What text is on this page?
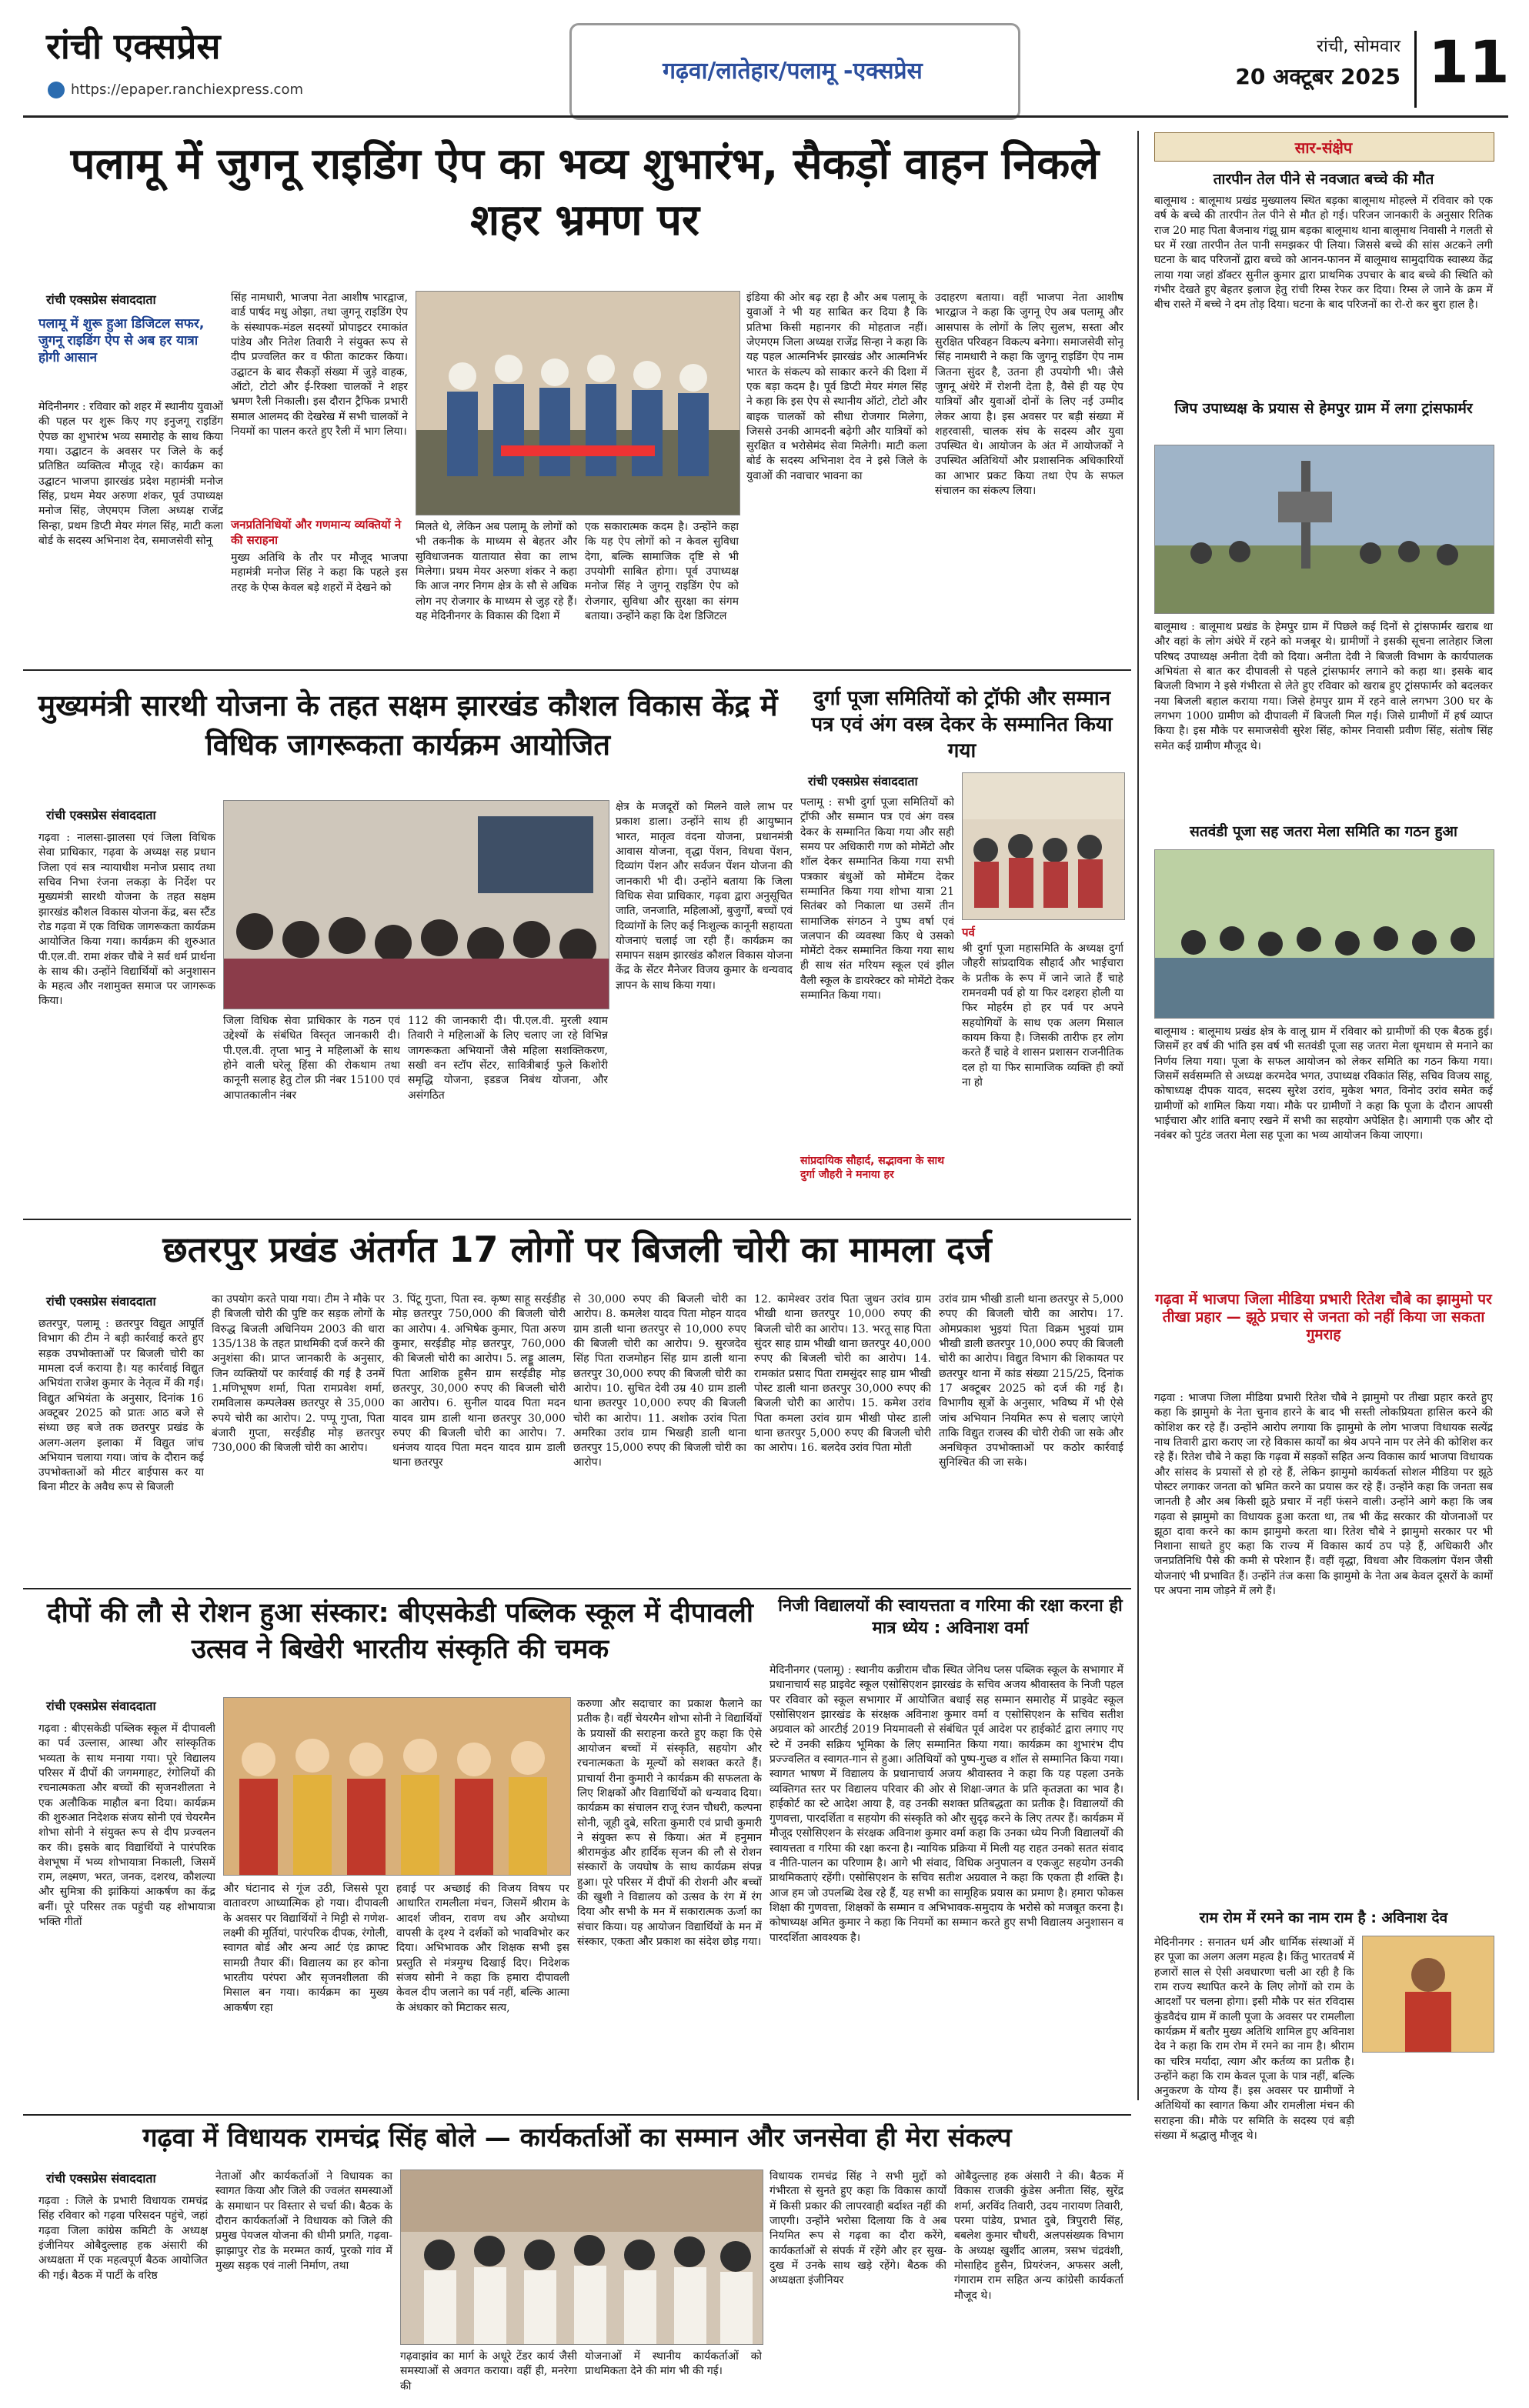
रांची एक्सप्रेस
https://epaper.ranchiexpress.com
गढ़वा/लातेहार/पलामू -एक्सप्रेस
रांची, सोमवार
20 अक्टूबर 2025 11
पलामू में जुगनू राइडिंग ऐप का भव्य शुभारंभ, सैकड़ों वाहन निकले शहर भ्रमण पर
रांची एक्सप्रेस संवाददाता
पलामू में शुरू हुआ डिजिटल सफर, जुगनू राइडिंग ऐप से अब हर यात्रा होगी आसान
मेदिनीनगर : रविवार को शहर में स्थानीय युवाओं की पहल पर शुरू किए गए इनुजगू राइडिंग ऐपछ का शुभारंभ भव्य समारोह के साथ किया गया। उद्घाटन के अवसर पर जिले के कई प्रतिष्ठित व्यक्तित्व मौजूद रहे। कार्यक्रम का उद्घाटन भाजपा झारखंड प्रदेश महामंत्री मनोज सिंह, प्रथम मेयर अरुणा शंकर, पूर्व उपाध्यक्ष मनोज सिंह, जेएमएम जिला अध्यक्ष राजेंद्र सिन्हा, प्रथम डिप्टी मेयर मंगल सिंह, माटी कला बोर्ड के सदस्य अभिनाश देव, समाजसेवी सोनू
सिंह नामधारी, भाजपा नेता आशीष भारद्वाज, वार्ड पार्षद मधु ओझा, तथा जुगनू राइडिंग ऐप के संस्थापक-मंडल सदस्यों प्रोपाइटर रमाकांत पांडेय और नितेश तिवारी ने संयुक्त रूप से दीप प्रज्वलित कर व फीता काटकर किया। उद्घाटन के बाद सैकड़ों संख्या में जुड़े वाहक, ऑटो, टोटो और ई-रिक्शा चालकों ने शहर भ्रमण रैली निकाली। इस दौरान ट्रैफिक प्रभारी समाल आलमद की देखरेख में सभी चालकों ने नियमों का पालन करते हुए रैली में भाग लिया।
जनप्रतिनिधियों और गणमान्य व्यक्तियों ने की सराहना
मुख्य अतिथि के तौर पर मौजूद भाजपा महामंत्री मनोज सिंह ने कहा कि पहले इस तरह के ऐप्स केवल बड़े शहरों में देखने को
मिलते थे, लेकिन अब पलामू के लोगों को भी तकनीक के माध्यम से बेहतर और सुविधाजनक यातायात सेवा का लाभ मिलेगा। प्रथम मेयर अरुणा शंकर ने कहा कि आज नगर निगम क्षेत्र के सौ से अधिक लोग नए रोजगार के माध्यम से जुड़ रहे हैं। यह मेदिनीनगर के विकास की दिशा में
एक सकारात्मक कदम है। उन्होंने कहा कि यह ऐप लोगों को न केवल सुविधा देगा, बल्कि सामाजिक दृष्टि से भी उपयोगी साबित होगा। पूर्व उपाध्यक्ष मनोज सिंह ने जुगनू राइडिंग ऐप को रोजगार, सुविधा और सुरक्षा का संगम बताया। उन्होंने कहा कि देश डिजिटल
इंडिया की ओर बढ़ रहा है और अब पलामू के युवाओं ने भी यह साबित कर दिया है कि प्रतिभा किसी महानगर की मोहताज नहीं। जेएमएम जिला अध्यक्ष राजेंद्र सिन्हा ने कहा कि यह पहल आत्मनिर्भर झारखंड और आत्मनिर्भर भारत के संकल्प को साकार करने की दिशा में एक बड़ा कदम है। पूर्व डिप्टी मेयर मंगल सिंह ने कहा कि इस ऐप से स्थानीय ऑटो, टोटो और बाइक चालकों को सीधा रोजगार मिलेगा, जिससे उनकी आमदनी बढ़ेगी और यात्रियों को सुरक्षित व भरोसेमंद सेवा मिलेगी। माटी कला बोर्ड के सदस्य अभिनाश देव ने इसे जिले के युवाओं की नवाचार भावना का
उदाहरण बताया। वहीं भाजपा नेता आशीष भारद्वाज ने कहा कि जुगनू ऐप अब पलामू और आसपास के लोगों के लिए सुलभ, सस्ता और सुरक्षित परिवहन विकल्प बनेगा। समाजसेवी सोनू सिंह नामधारी ने कहा कि जुगनू राइडिंग ऐप नाम जितना सुंदर है, उतना ही उपयोगी भी। जैसे जुगनू अंधेरे में रोशनी देता है, वैसे ही यह ऐप यात्रियों और युवाओं दोनों के लिए नई उम्मीद लेकर आया है। इस अवसर पर बड़ी संख्या में शहरवासी, चालक संघ के सदस्य और युवा उपस्थित थे। आयोजन के अंत में आयोजकों ने उपस्थित अतिथियों और प्रशासनिक अधिकारियों का आभार प्रकट किया तथा ऐप के सफल संचालन का संकल्प लिया।
मुख्यमंत्री सारथी योजना के तहत सक्षम झारखंड कौशल विकास केंद्र में विधिक जागरूकता कार्यक्रम आयोजित
रांची एक्सप्रेस संवाददाता
गढ़वा : नालसा-झालसा एवं जिला विधिक सेवा प्राधिकार, गढ़वा के अध्यक्ष सह प्रधान जिला एवं सत्र न्यायाधीश मनोज प्रसाद तथा सचिव निभा रंजना लकड़ा के निर्देश पर मुख्यमंत्री सारथी योजना के तहत सक्षम झारखंड कौशल विकास योजना केंद्र, बस स्टैंड रोड गढ़वा में एक विधिक जागरूकता कार्यक्रम आयोजित किया गया। कार्यक्रम की शुरुआत पी.एल.वी. रामा शंकर चौबे ने सर्व धर्म प्रार्थना के साथ की। उन्होंने विद्यार्थियों को अनुशासन के महत्व और नशामुक्त समाज पर जागरूक किया।
जिला विधिक सेवा प्राधिकार के गठन एवं उद्देश्यों के संबंधित विस्तृत जानकारी दी। पी.एल.वी. तृप्ता भानु ने महिलाओं के साथ होने वाली घरेलू हिंसा की रोकथाम तथा कानूनी सलाह हेतु टोल फ्री नंबर 15100 एवं आपातकालीन नंबर
112 की जानकारी दी। पी.एल.वी. मुरली श्याम तिवारी ने महिलाओं के लिए चलाए जा रहे विभिन्न जागरूकता अभियानों जैसे महिला सशक्तिकरण, सखी वन स्टॉप सेंटर, सावित्रीबाई फुले किशोरी समृद्धि योजना, इडडज निबंध योजना, और असंगठित
क्षेत्र के मजदूरों को मिलने वाले लाभ पर प्रकाश डाला। उन्होंने साथ ही आयुष्मान भारत, मातृत्व वंदना योजना, प्रधानमंत्री आवास योजना, वृद्धा पेंशन, विधवा पेंशन, दिव्यांग पेंशन और सर्वजन पेंशन योजना की जानकारी भी दी। उन्होंने बताया कि जिला विधिक सेवा प्राधिकार, गढ़वा द्वारा अनुसूचित जाति, जनजाति, महिलाओं, बुजुर्गों, बच्चों एवं दिव्यांगों के लिए कई निःशुल्क कानूनी सहायता योजनाएं चलाई जा रही हैं। कार्यक्रम का समापन सक्षम झारखंड कौशल विकास योजना केंद्र के सेंटर मैनेजर विजय कुमार के धन्यवाद ज्ञापन के साथ किया गया।
दुर्गा पूजा समितियों को ट्रॉफी और सम्मान पत्र एवं अंग वस्त्र देकर के सम्मानित किया गया
रांची एक्सप्रेस संवाददाता
पलामू : सभी दुर्गा पूजा समितियों को ट्रॉफी और सम्मान पत्र एवं अंग वस्त्र देकर के सम्मानित किया गया और सही समय पर अधिकारी गण को मोमेंटो और शॉल देकर सम्मानित किया गया सभी पत्रकार बंधुओं को मोमेंटम देकर सम्मानित किया गया शोभा यात्रा 21 सितंबर को निकाला था उसमें तीन सामाजिक संगठन ने पुष्प वर्षा एवं जलपान की व्यवस्था किए थे उसको मोमेंटो देकर सम्मानित किया गया साथ ही साथ संत मरियम स्कूल एवं झील वैली स्कूल के डायरेक्टर को मोमेंटो देकर सम्मानित किया गया।
सांप्रदायिक सौहार्द, सद्भावना के साथ दुर्गा जौहरी ने मनाया हर
पर्व
श्री दुर्गा पूजा महासमिति के अध्यक्ष दुर्गा जौहरी सांप्रदायिक सौहार्द और भाईचारा के प्रतीक के रूप में जाने जाते हैं चाहे रामनवमी पर्व हो या फिर दशहरा होली या फिर मोहर्रम हो हर पर्व पर अपने सहयोगियों के साथ एक अलग मिसाल कायम किया है। जिसकी तारीफ हर लोग करते हैं चाहे वे शासन प्रशासन राजनीतिक दल हो या फिर सामाजिक व्यक्ति ही क्यों ना हो
छतरपुर प्रखंड अंतर्गत 17 लोगों पर बिजली चोरी का मामला दर्ज
रांची एक्सप्रेस संवाददाता
छतरपुर, पलामू : छतरपुर विद्युत आपूर्ति विभाग की टीम ने बड़ी कार्रवाई करते हुए सड़क उपभोक्ताओं पर बिजली चोरी का मामला दर्ज कराया है। यह कार्रवाई विद्युत अभियंता राजेश कुमार के नेतृत्व में की गई। विद्युत अभियंता के अनुसार, दिनांक 16 अक्टूबर 2025 को प्रातः आठ बजे से संध्या छह बजे तक छतरपुर प्रखंड के अलग-अलग इलाका में विद्युत जांच अभियान चलाया गया। जांच के दौरान कई उपभोक्ताओं को मीटर बाईपास कर या बिना मीटर के अवैध रूप से बिजली
का उपयोग करते पाया गया। टीम ने मौके पर ही बिजली चोरी की पुष्टि कर सड़क लोगों के विरुद्ध बिजली अधिनियम 2003 की धारा 135/138 के तहत प्राथमिकी दर्ज करने की अनुशंसा की। प्राप्त जानकारी के अनुसार, जिन व्यक्तियों पर कार्रवाई की गई है उनमें 1.मणिभूषण शर्मा, पिता रामप्रवेश शर्मा, रामविलास कम्पलेक्स छतरपुर से 35,000 रुपये चोरी का आरोप। 2. पप्पू गुप्ता, पिता बंजारी गुप्ता, सरईडीह मोड़ छतरपुर 730,000 की बिजली चोरी का आरोप।
3. पिंटू गुप्ता, पिता स्व. कृष्ण साहू सरईडीह मोड़ छतरपुर 750,000 की बिजली चोरी का आरोप। 4. अभिषेक कुमार, पिता अरुण कुमार, सरईडीह मोड़ छतरपुर, 760,000 की बिजली चोरी का आरोप। 5. लड्डू आलम, पिता आशिक हुसैन ग्राम सरईडीह मोड़ छतरपुर, 30,000 रुपए की बिजली चोरी का आरोप। 6. सुनील यादव पिता मदन यादव ग्राम डाली थाना छतरपुर 30,000 रुपए की बिजली चोरी का आरोप। 7. धनंजय यादव पिता मदन यादव ग्राम डाली थाना छतरपुर
से 30,000 रुपए की बिजली चोरी का आरोप। 8. कमलेश यादव पिता मोहन यादव ग्राम डाली थाना छतरपुर से 10,000 रुपए की बिजली चोरी का आरोप। 9. सुरजदेव सिंह पिता राजमोहन सिंह ग्राम डाली थाना छतरपुर 30,000 रुपए की बिजली चोरी का आरोप। 10. सुचित देवी उम्र 40 ग्राम डाली थाना छतरपुर 10,000 रुपए की बिजली चोरी का आरोप। 11. अशोक उरांव पिता अमरिका उरांव ग्राम भिखही डाली थाना छतरपुर 15,000 रुपए की बिजली चोरी का आरोप।
12. कामेश्वर उरांव पिता जुधन उरांव ग्राम भीखी थाना छतरपुर 10,000 रुपए की बिजली चोरी का आरोप। 13. भरतू साह पिता सुंदर साह ग्राम भीखी थाना छतरपुर 40,000 रुपए की बिजली चोरी का आरोप। 14. रामकांत प्रसाद पिता रामसुंदर साह ग्राम भीखी पोस्ट डाली थाना छतरपुर 30,000 रुपए की बिजली चोरी का आरोप। 15. कमेश उरांव पिता कमला उरांव ग्राम भीखी पोस्ट डाली थाना छतरपुर 5,000 रुपए की बिजली चोरी का आरोप। 16. बलदेव उरांव पिता मोती
उरांव ग्राम भीखी डाली थाना छतरपुर से 5,000 रुपए की बिजली चोरी का आरोप। 17. ओमप्रकाश भुइयां पिता विक्रम भुइयां ग्राम भीखी डाली छतरपुर 10,000 रुपए की बिजली चोरी का आरोप। विद्युत विभाग की शिकायत पर छतरपुर थाना में कांड संख्या 215/25, दिनांक 17 अक्टूबर 2025 को दर्ज की गई है। विभागीय सूत्रों के अनुसार, भविष्य में भी ऐसे जांच अभियान नियमित रूप से चलाए जाएंगे ताकि विद्युत राजस्व की चोरी रोकी जा सके और अनधिकृत उपभोक्ताओं पर कठोर कार्रवाई सुनिश्चित की जा सके।
दीपों की लौ से रोशन हुआ संस्कार: बीएसकेडी पब्लिक स्कूल में दीपावली उत्सव ने बिखेरी भारतीय संस्कृति की चमक
रांची एक्सप्रेस संवाददाता
गढ़वा : बीएसकेडी पब्लिक स्कूल में दीपावली का पर्व उल्लास, आस्था और सांस्कृतिक भव्यता के साथ मनाया गया। पूरे विद्यालय परिसर में दीपों की जगमगाहट, रंगोलियों की रचनात्मकता और बच्चों की सृजनशीलता ने एक अलौकिक माहौल बना दिया। कार्यक्रम की शुरुआत निदेशक संजय सोनी एवं चेयरमैन शोभा सोनी ने संयुक्त रूप से दीप प्रज्वलन कर की। इसके बाद विद्यार्थियों ने पारंपरिक वेशभूषा में भव्य शोभायात्रा निकाली, जिसमें राम, लक्ष्मण, भरत, जनक, दशरथ, कौशल्या और सुमित्रा की झांकियां आकर्षण का केंद्र बनीं। पूरे परिसर तक पहुंची यह शोभायात्रा भक्ति गीतों
और घंटानाद से गूंज उठी, जिससे पूरा वातावरण आध्यात्मिक हो गया। दीपावली के अवसर पर विद्यार्थियों ने मिट्टी से गणेश-लक्ष्मी की मूर्तियां, पारंपरिक दीपक, रंगोली, स्वागत बोर्ड और अन्य आर्ट एंड क्राफ्ट सामग्री तैयार कीं। विद्यालय का हर कोना भारतीय परंपरा और सृजनशीलता की मिसाल बन गया। कार्यक्रम का मुख्य आकर्षण रहा
हवाई पर अच्छाई की विजय विषय पर आधारित रामलीला मंचन, जिसमें श्रीराम के आदर्श जीवन, रावण वध और अयोध्या वापसी के दृश्य ने दर्शकों को भावविभोर कर दिया। अभिभावक और शिक्षक सभी इस प्रस्तुति से मंत्रमुग्ध दिखाई दिए। निदेशक संजय सोनी ने कहा कि हमारा दीपावली केवल दीप जलाने का पर्व नहीं, बल्कि आत्मा के अंधकार को मिटाकर सत्य,
करुणा और सदाचार का प्रकाश फैलाने का प्रतीक है। वहीं चेयरमैन शोभा सोनी ने विद्यार्थियों के प्रयासों की सराहना करते हुए कहा कि ऐसे आयोजन बच्चों में संस्कृति, सहयोग और रचनात्मकता के मूल्यों को सशक्त करते हैं। प्राचार्या रीना कुमारी ने कार्यक्रम की सफलता के लिए शिक्षकों और विद्यार्थियों को धन्यवाद दिया। कार्यक्रम का संचालन राजू रंजन चौधरी, कल्पना सोनी, जूही दुबे, सरिता कुमारी एवं प्राची कुमारी ने संयुक्त रूप से किया। अंत में हनुमान श्रीरामकुंड और हार्दिक सृजन की लौ से रोशन संस्कारों के जयघोष के साथ कार्यक्रम संपन्न हुआ। पूरे परिसर में दीपों की रोशनी और बच्चों की खुशी ने विद्यालय को उत्सव के रंग में रंग दिया और सभी के मन में सकारात्मक ऊर्जा का संचार किया। यह आयोजन विद्यार्थियों के मन में संस्कार, एकता और प्रकाश का संदेश छोड़ गया।
निजी विद्यालयों की स्वायत्तता व गरिमा की रक्षा करना ही मात्र ध्येय : अविनाश वर्मा
मेदिनीनगर (पलामू) : स्थानीय कन्नीराम चौक स्थित जेनिथ प्लस पब्लिक स्कूल के सभागार में प्रधानाचार्य सह प्राइवेट स्कूल एसोसिएशन झारखंड के सचिव अजय श्रीवास्तव के निजी पहल पर रविवार को स्कूल सभागार में आयोजित बधाई सह सम्मान समारोह में प्राइवेट स्कूल एसोसिएशन झारखंड के संरक्षक अविनाश कुमार वर्मा व एसोसिएशन के सचिव सतीश अग्रवाल को आरटीई 2019 नियमावली से संबंधित पूर्व आदेश पर हाईकोर्ट द्वारा लगाए गए स्टे में उनकी सक्रिय भूमिका के लिए सम्मानित किया गया। कार्यक्रम का शुभारंभ दीप प्रज्ज्वलित व स्वागत-गान से हुआ। अतिथियों को पुष्प-गुच्छ व शॉल से सम्मानित किया गया। स्वागत भाषण में विद्यालय के प्रधानाचार्य अजय श्रीवास्तव ने कहा कि यह पहला उनके व्यक्तिगत स्तर पर विद्यालय परिवार की ओर से शिक्षा-जगत के प्रति कृतज्ञता का भाव है। हाईकोर्ट का स्टे आदेश आया है, वह उनकी सशक्त प्रतिबद्धता का प्रतीक है। विद्यालयों की गुणवत्ता, पारदर्शिता व सहयोग की संस्कृति को और सुदृढ़ करने के लिए तत्पर हैं। कार्यक्रम में मौजूद एसोसिएशन के संरक्षक अविनाश कुमार वर्मा कहा कि उनका ध्येय निजी विद्यालयों की स्वायत्तता व गरिमा की रक्षा करना है। न्यायिक प्रक्रिया में मिली यह राहत उनको सतत संवाद व नीति-पालन का परिणाम है। आगे भी संवाद, विधिक अनुपालन व एकजुट सहयोग उनकी प्राथमिकताएं रहेंगी। एसोसिएशन के सचिव सतीश अग्रवाल ने कहा कि एकता ही शक्ति है। आज हम जो उपलब्धि देख रहे हैं, यह सभी का सामूहिक प्रयास का प्रमाण है। हमारा फोकस शिक्षा की गुणवत्ता, शिक्षकों के सम्मान व अभिभावक-समुदाय के भरोसे को मजबूत करना है। कोषाध्यक्ष अमित कुमार ने कहा कि नियमों का सम्मान करते हुए सभी विद्यालय अनुशासन व पारदर्शिता आवश्यक है।
गढ़वा में विधायक रामचंद्र सिंह बोले — कार्यकर्ताओं का सम्मान और जनसेवा ही मेरा संकल्प
रांची एक्सप्रेस संवाददाता
गढ़वा : जिले के प्रभारी विधायक रामचंद्र सिंह रविवार को गढ़वा परिसदन पहुंचे, जहां गढ़वा जिला कांग्रेस कमिटी के अध्यक्ष इंजीनियर ओबैदुल्लाह हक अंसारी की अध्यक्षता में एक महत्वपूर्ण बैठक आयोजित की गई। बैठक में पार्टी के वरिष्ठ
नेताओं और कार्यकर्ताओं ने विधायक का स्वागत किया और जिले की ज्वलंत समस्याओं के समाधान पर विस्तार से चर्चा की। बैठक के दौरान कार्यकर्ताओं ने विधायक को जिले की प्रमुख पेयजल योजना की धीमी प्रगति, गढ़वा-झाझापुर रोड के मरम्मत कार्य, पुरको गांव में मुख्य सड़क एवं नाली निर्माण, तथा
गढ़वाझांव का मार्ग के अधूरे टेंडर कार्य जैसी समस्याओं से अवगत कराया। वहीं ही, मनरेगा की
योजनाओं में स्थानीय कार्यकर्ताओं को प्राथमिकता देने की मांग भी की गई।
विधायक रामचंद्र सिंह ने सभी मुद्दों को गंभीरता से सुनते हुए कहा कि विकास कार्यों में किसी प्रकार की लापरवाही बर्दाश्त नहीं की जाएगी। उन्होंने भरोसा दिलाया कि वे अब नियमित रूप से गढ़वा का दौरा करेंगे, कार्यकर्ताओं से संपर्क में रहेंगे और हर सुख-दुख में उनके साथ खड़े रहेंगे। बैठक की अध्यक्षता इंजीनियर
ओबैदुल्लाह हक अंसारी ने की। बैठक में विकास राजकी कुंडेस अनीता सिंह, सुरेंद्र शर्मा, अरविंद तिवारी, उदय नारायण तिवारी, परमा पांडेय, प्रभात दुबे, त्रिपुरारी सिंह, बबलेश कुमार चौधरी, अलपसंख्यक विभाग के अध्यक्ष खुर्शीद आलम, त्रसभ चंद्रवंशी, मोसाहिद हुसैन, प्रियरंजन, अफसर अली, गंगाराम राम सहित अन्य कांग्रेसी कार्यकर्ता मौजूद थे।
सार-संक्षेप
तारपीन तेल पीने से नवजात बच्चे की मौत
बालूमाथ : बालूमाथ प्रखंड मुख्यालय स्थित बड़का बालूमाथ मोहल्ले में रविवार को एक वर्ष के बच्चे की तारपीन तेल पीने से मौत हो गई। परिजन जानकारी के अनुसार रितिक राज 20 माह पिता बैजनाथ गंझू ग्राम बड़का बालूमाथ थाना बालूमाथ निवासी ने गलती से घर में रखा तारपीन तेल पानी समझकर पी लिया। जिससे बच्चे की सांस अटकने लगी घटना के बाद परिजनों द्वारा बच्चे को आनन-फानन में बालूमाथ सामुदायिक स्वास्थ्य केंद्र लाया गया जहां डॉक्टर सुनील कुमार द्वारा प्राथमिक उपचार के बाद बच्चे की स्थिति को गंभीर देखते हुए बेहतर इलाज हेतु रांची रिम्स रेफर कर दिया। रिम्स ले जाने के क्रम में बीच रास्ते में बच्चे ने दम तोड़ दिया। घटना के बाद परिजनों का रो-रो कर बुरा हाल है।
जिप उपाध्यक्ष के प्रयास से हेमपुर ग्राम में लगा ट्रांसफार्मर
बालूमाथ : बालूमाथ प्रखंड के हेमपुर ग्राम में पिछले कई दिनों से ट्रांसफार्मर खराब था और वहां के लोग अंधेरे में रहने को मजबूर थे। ग्रामीणों ने इसकी सूचना लातेहार जिला परिषद उपाध्यक्ष अनीता देवी को दिया। अनीता देवी ने बिजली विभाग के कार्यपालक अभियंता से बात कर दीपावली से पहले ट्रांसफार्मर लगाने को कहा था। इसके बाद बिजली विभाग ने इसे गंभीरता से लेते हुए रविवार को खराब हुए ट्रांसफार्मर को बदलकर नया बिजली बहाल कराया गया। जिसे हेमपुर ग्राम में रहने वाले लगभग 300 घर के लगभग 1000 ग्रामीण को दीपावली में बिजली मिल गई। जिसे ग्रामीणों में हर्ष व्याप्त किया है। इस मौके पर समाजसेवी सुरेश सिंह, कोमर निवासी प्रवीण सिंह, संतोष सिंह समेत कई ग्रामीण मौजूद थे।
सतवंडी पूजा सह जतरा मेला समिति का गठन हुआ
बालूमाथ : बालूमाथ प्रखंड क्षेत्र के वालू ग्राम में रविवार को ग्रामीणों की एक बैठक हुई। जिसमें हर वर्ष की भांति इस वर्ष भी सतवंडी पूजा सह जतरा मेला धूमधाम से मनाने का निर्णय लिया गया। पूजा के सफल आयोजन को लेकर समिति का गठन किया गया। जिसमें सर्वसम्मति से अध्यक्ष करमदेव भगत, उपाध्यक्ष रविकांत सिंह, सचिव विजय साहू, कोषाध्यक्ष दीपक यादव, सदस्य सुरेश उरांव, मुकेश भगत, विनोद उरांव समेत कई ग्रामीणों को शामिल किया गया। मौके पर ग्रामीणों ने कहा कि पूजा के दौरान आपसी भाईचारा और शांति बनाए रखने में सभी का सहयोग अपेक्षित है। आगामी एक और दो नवंबर को पुटंड जतरा मेला सह पूजा का भव्य आयोजन किया जाएगा।
गढ़वा में भाजपा जिला मीडिया प्रभारी रितेश चौबे का झामुमो पर तीखा प्रहार — झूठे प्रचार से जनता को नहीं किया जा सकता गुमराह
गढ़वा : भाजपा जिला मीडिया प्रभारी रितेश चौबे ने झामुमो पर तीखा प्रहार करते हुए कहा कि झामुमो के नेता चुनाव हारने के बाद भी सस्ती लोकप्रियता हासिल करने की कोशिश कर रहे हैं। उन्होंने आरोप लगाया कि झामुमो के लोग भाजपा विधायक सत्येंद्र नाथ तिवारी द्वारा कराए जा रहे विकास कार्यों का श्रेय अपने नाम पर लेने की कोशिश कर रहे हैं। रितेश चौबे ने कहा कि गढ़वा में सड़कों सहित अन्य विकास कार्य भाजपा विधायक और सांसद के प्रयासों से हो रहे हैं, लेकिन झामुमो कार्यकर्ता सोशल मीडिया पर झूठे पोस्टर लगाकर जनता को भ्रमित करने का प्रयास कर रहे हैं। उन्होंने कहा कि जनता सब जानती है और अब किसी झूठे प्रचार में नहीं फंसने वाली। उन्होंने आगे कहा कि जब गढ़वा से झामुमो का विधायक हुआ करता था, तब भी केंद्र सरकार की योजनाओं पर झूठा दावा करने का काम झामुमो करता था। रितेश चौबे ने झामुमो सरकार पर भी निशाना साधते हुए कहा कि राज्य में विकास कार्य ठप पड़े हैं, अधिकारी और जनप्रतिनिधि पैसे की कमी से परेशान हैं। वहीं वृद्धा, विधवा और विकलांग पेंशन जैसी योजनाएं भी प्रभावित हैं। उन्होंने तंज कसा कि झामुमो के नेता अब केवल दूसरों के कामों पर अपना नाम जोड़ने में लगे हैं।
राम रोम में रमने का नाम राम है : अविनाश देव
मेदिनीनगर : सनातन धर्म और धार्मिक संस्थाओं में हर पूजा का अलग अलग महत्व है। किंतु भारतवर्ष में हजारों साल से ऐसी अवधारणा चली आ रही है कि राम राज्य स्थापित करने के लिए लोगों को राम के आदर्शों पर चलना होगा। इसी मौके पर संत रविदास कुंडवैदंच ग्राम में काली पूजा के अवसर पर रामलीला कार्यक्रम में बतौर मुख्य अतिथि शामिल हुए अविनाश देव ने कहा कि राम रोम में रमने का नाम है। श्रीराम का चरित्र मर्यादा, त्याग और कर्तव्य का प्रतीक है। उन्होंने कहा कि राम केवल पूजा के पात्र नहीं, बल्कि अनुकरण के योग्य हैं। इस अवसर पर ग्रामीणों ने अतिथियों का स्वागत किया और रामलीला मंचन की सराहना की। मौके पर समिति के सदस्य एवं बड़ी संख्या में श्रद्धालु मौजूद थे।
